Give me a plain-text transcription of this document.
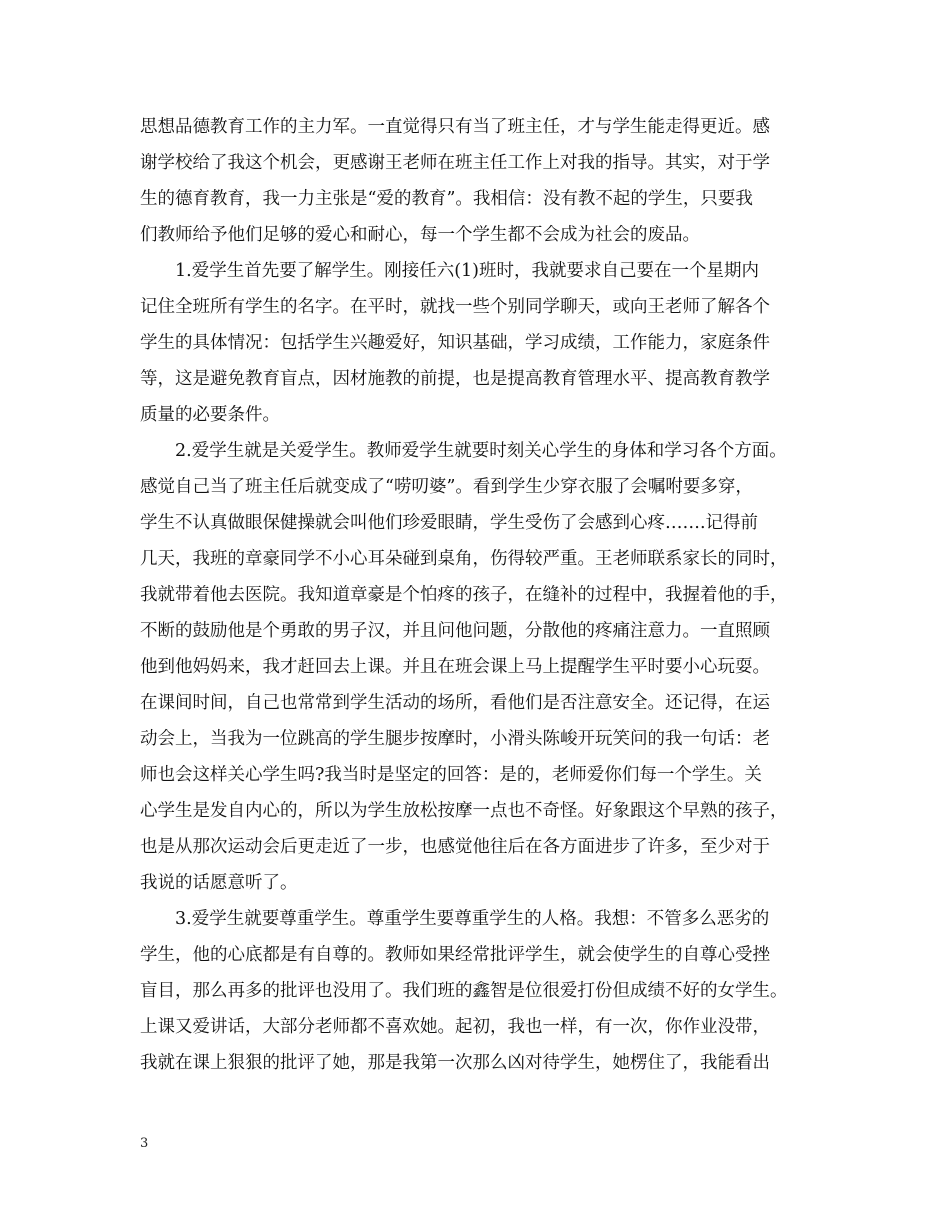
思想品德教育工作的主力军。一直觉得只有当了班主任，才与学生能走得更近。感
谢学校给了我这个机会，更感谢王老师在班主任工作上对我的指导。其实，对于学
生的德育教育，我一力主张是“爱的教育”。我相信：没有教不起的学生，只要我
们教师给予他们足够的爱心和耐心，每一个学生都不会成为社会的废品。
　　1.爱学生首先要了解学生。刚接任六(1)班时，我就要求自己要在一个星期内
记住全班所有学生的名字。在平时，就找一些个别同学聊天，或向王老师了解各个
学生的具体情况：包括学生兴趣爱好，知识基础，学习成绩，工作能力，家庭条件
等，这是避免教育盲点，因材施教的前提，也是提高教育管理水平、提高教育教学
质量的必要条件。
　　2.爱学生就是关爱学生。教师爱学生就要时刻关心学生的身体和学习各个方面。
感觉自己当了班主任后就变成了“唠叨婆”。看到学生少穿衣服了会嘱咐要多穿，
学生不认真做眼保健操就会叫他们珍爱眼睛，学生受伤了会感到心疼…….记得前
几天，我班的章豪同学不小心耳朵碰到桌角，伤得较严重。王老师联系家长的同时，
我就带着他去医院。我知道章豪是个怕疼的孩子，在缝补的过程中，我握着他的手，
不断的鼓励他是个勇敢的男子汉，并且问他问题，分散他的疼痛注意力。一直照顾
他到他妈妈来，我才赶回去上课。并且在班会课上马上提醒学生平时要小心玩耍。
在课间时间，自己也常常到学生活动的场所，看他们是否注意安全。还记得，在运
动会上，当我为一位跳高的学生腿步按摩时，小滑头陈峻开玩笑问的我一句话：老
师也会这样关心学生吗?我当时是坚定的回答：是的，老师爱你们每一个学生。关
心学生是发自内心的，所以为学生放松按摩一点也不奇怪。好象跟这个早熟的孩子，
也是从那次运动会后更走近了一步，也感觉他往后在各方面进步了许多，至少对于
我说的话愿意听了。
　　3.爱学生就要尊重学生。尊重学生要尊重学生的人格。我想：不管多么恶劣的
学生，他的心底都是有自尊的。教师如果经常批评学生，就会使学生的自尊心受挫
盲目，那么再多的批评也没用了。我们班的鑫智是位很爱打份但成绩不好的女学生。
上课又爱讲话，大部分老师都不喜欢她。起初，我也一样，有一次，你作业没带，
我就在课上狠狠的批评了她，那是我第一次那么凶对待学生，她楞住了，我能看出
3
